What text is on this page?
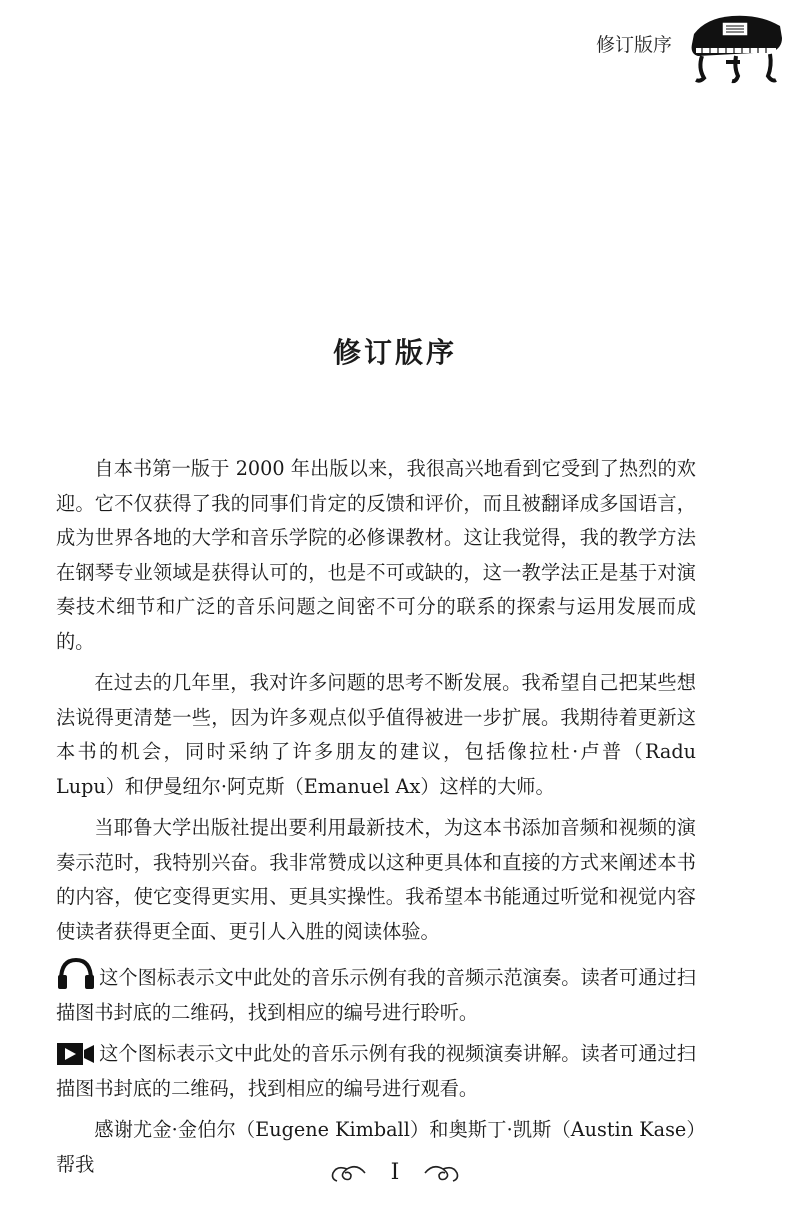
修订版序
修订版序

自本书第一版于 2000 年出版以来，我很高兴地看到它受到了热烈的欢迎。它不仅获得了我的同事们肯定的反馈和评价，而且被翻译成多国语言，成为世界各地的大学和音乐学院的必修课教材。这让我觉得，我的教学方法在钢琴专业领域是获得认可的，也是不可或缺的，这一教学法正是基于对演奏技术细节和广泛的音乐问题之间密不可分的联系的探索与运用发展而成的。

在过去的几年里，我对许多问题的思考不断发展。我希望自己把某些想法说得更清楚一些，因为许多观点似乎值得被进一步扩展。我期待着更新这本书的机会，同时采纳了许多朋友的建议，包括像拉杜·卢普（Radu Lupu）和伊曼纽尔·阿克斯（Emanuel Ax）这样的大师。

当耶鲁大学出版社提出要利用最新技术，为这本书添加音频和视频的演奏示范时，我特别兴奋。我非常赞成以这种更具体和直接的方式来阐述本书的内容，使它变得更实用、更具实操性。我希望本书能通过听觉和视觉内容使读者获得更全面、更引人入胜的阅读体验。

这个图标表示文中此处的音乐示例有我的音频示范演奏。读者可通过扫描图书封底的二维码，找到相应的编号进行聆听。

这个图标表示文中此处的音乐示例有我的视频演奏讲解。读者可通过扫描图书封底的二维码，找到相应的编号进行观看。

感谢尤金·金伯尔（Eugene Kimball）和奥斯丁·凯斯（Austin Kase）帮我	I
